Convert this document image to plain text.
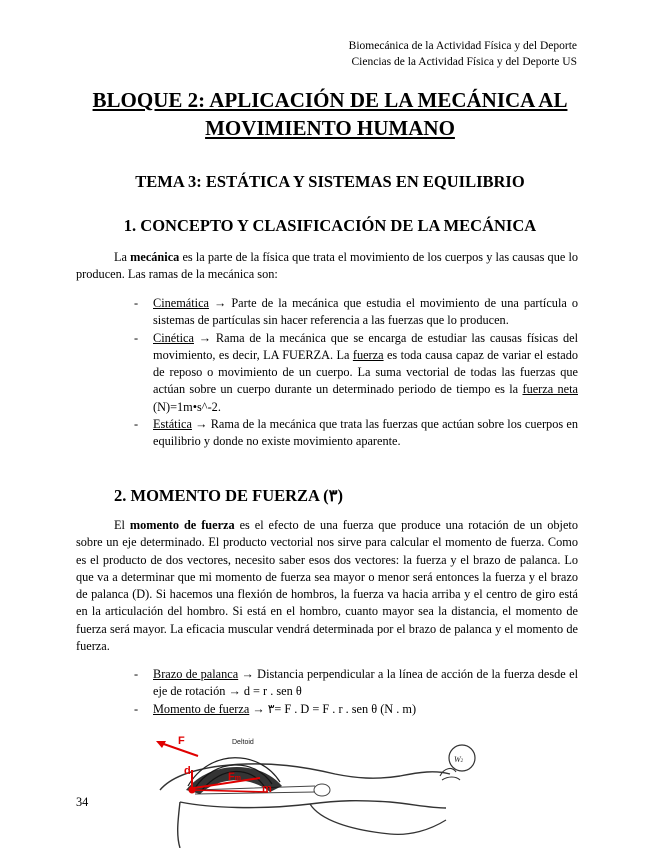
Biomecánica de la Actividad Física y del Deporte
Ciencias de la Actividad Física y del Deporte US
BLOQUE 2: APLICACIÓN DE LA MECÁNICA AL
MOVIMIENTO HUMANO
TEMA 3: ESTÁTICA Y SISTEMAS EN EQUILIBRIO
1. CONCEPTO Y CLASIFICACIÓN DE LA MECÁNICA
La mecánica es la parte de la física que trata el movimiento de los cuerpos y las causas que lo producen. Las ramas de la mecánica son:
- Cinemática → Parte de la mecánica que estudia el movimiento de una partícula o sistemas de partículas sin hacer referencia a las fuerzas que lo producen.
- Cinética → Rama de la mecánica que se encarga de estudiar las causas físicas del movimiento, es decir, LA FUERZA. La fuerza es toda causa capaz de variar el estado de reposo o movimiento de un cuerpo. La suma vectorial de todas las fuerzas que actúan sobre un cuerpo durante un determinado periodo de tiempo es la fuerza neta (N)=1m•s^-2.
- Estática → Rama de la mecánica que trata las fuerzas que actúan sobre los cuerpos en equilibrio y donde no existe movimiento aparente.
2. MOMENTO DE FUERZA (٣)
El momento de fuerza es el efecto de una fuerza que produce una rotación de un objeto sobre un eje determinado. El producto vectorial nos sirve para calcular el momento de fuerza. Como es el producto de dos vectores, necesito saber esos dos vectores: la fuerza y el brazo de palanca. Lo que va a determinar que mi momento de fuerza sea mayor o menor será entonces la fuerza y el brazo de palanca (D). Si hacemos una flexión de hombros, la fuerza va hacia arriba y el centro de giro está en la articulación del hombro. Si está en el hombro, cuanto mayor sea la distancia, el momento de fuerza será mayor. La eficacia muscular vendrá determinada por el brazo de palanca y el momento de fuerza.
- Brazo de palanca → Distancia perpendicular a la línea de acción de la fuerza desde el eje de rotación → d = r . sen θ
- Momento de fuerza → ٣= F . D = F . r . sen θ (N . m)
34
F	Deltoid
d	Fm
m
W2
